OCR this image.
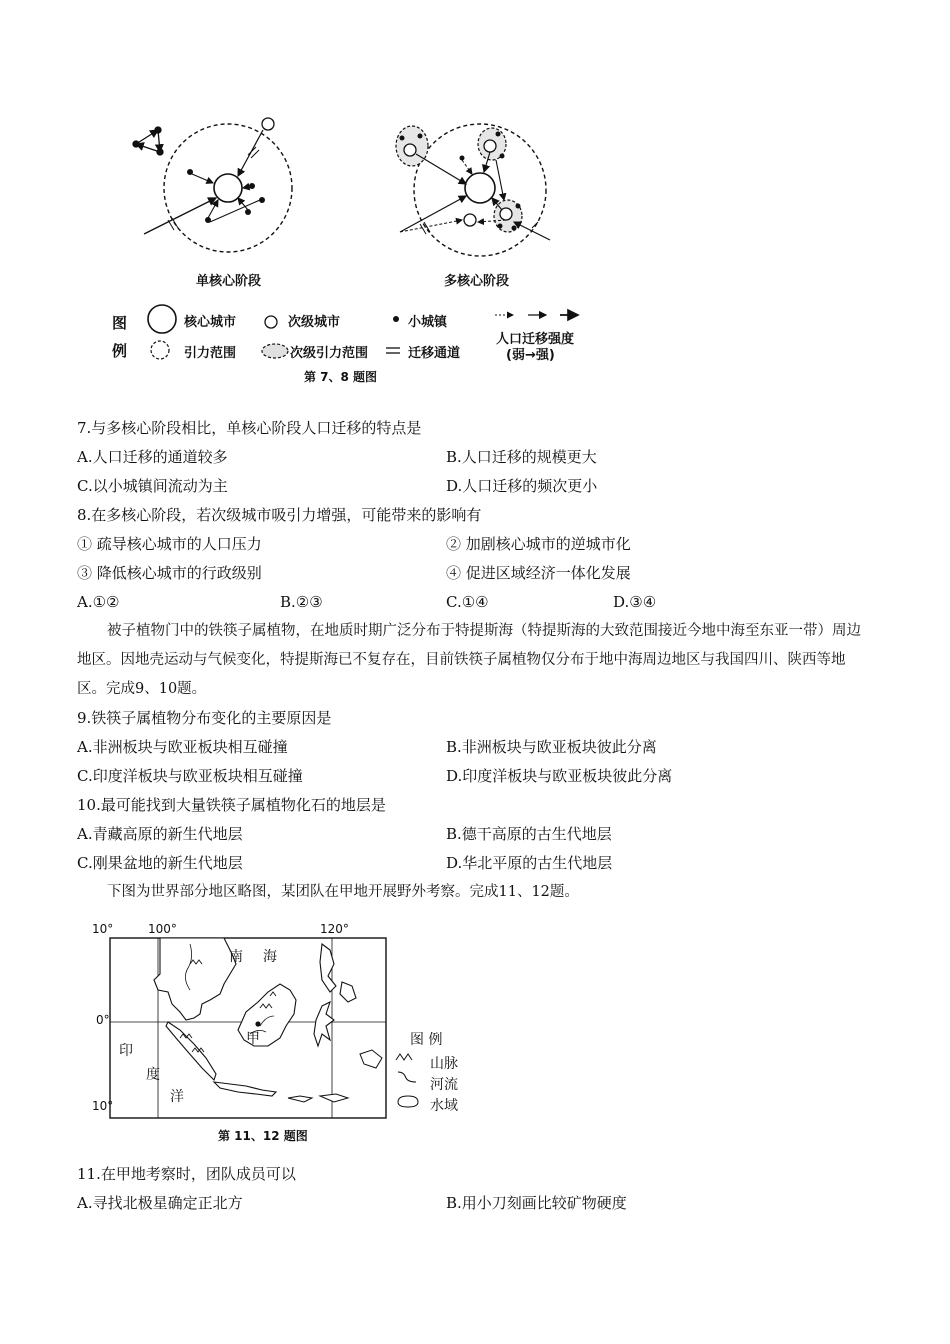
单核心阶段	多核心阶段
图
例
核心城市	次级城市	小城镇
人口迁移强度
(弱→强)
引力范围	次级引力范围	迁移通道
第 7、8 题图
7.与多核心阶段相比，单核心阶段人口迁移的特点是
A.人口迁移的通道较多	B.人口迁移的规模更大
C.以小城镇间流动为主	D.人口迁移的频次更小
8.在多核心阶段，若次级城市吸引力增强，可能带来的影响有
① 疏导核心城市的人口压力	② 加剧核心城市的逆城市化
③ 降低核心城市的行政级别	④ 促进区域经济一体化发展
A.①②	B.②③	C.①④	D.③④
被子植物门中的铁筷子属植物，在地质时期广泛分布于特提斯海（特提斯海的大致范围接近今地中海至东亚一带）周边地区。因地壳运动与气候变化，特提斯海已不复存在，目前铁筷子属植物仅分布于地中海周边地区与我国四川、陕西等地区。完成9、10题。
9.铁筷子属植物分布变化的主要原因是
A.非洲板块与欧亚板块相互碰撞	B.非洲板块与欧亚板块彼此分离
C.印度洋板块与欧亚板块相互碰撞	D.印度洋板块与欧亚板块彼此分离
10.最可能找到大量铁筷子属植物化石的地层是
A.青藏高原的新生代地层	B.德干高原的古生代地层
C.刚果盆地的新生代地层	D.华北平原的古生代地层
下图为世界部分地区略图，某团队在甲地开展野外考察。完成11、12题。
100°	120°
10°
0°
10°
南 海
印
度
洋
甲	图 例
山脉
河流
水域
第 11、12 题图
11.在甲地考察时，团队成员可以
A.寻找北极星确定正北方	B.用小刀刻画比较矿物硬度
